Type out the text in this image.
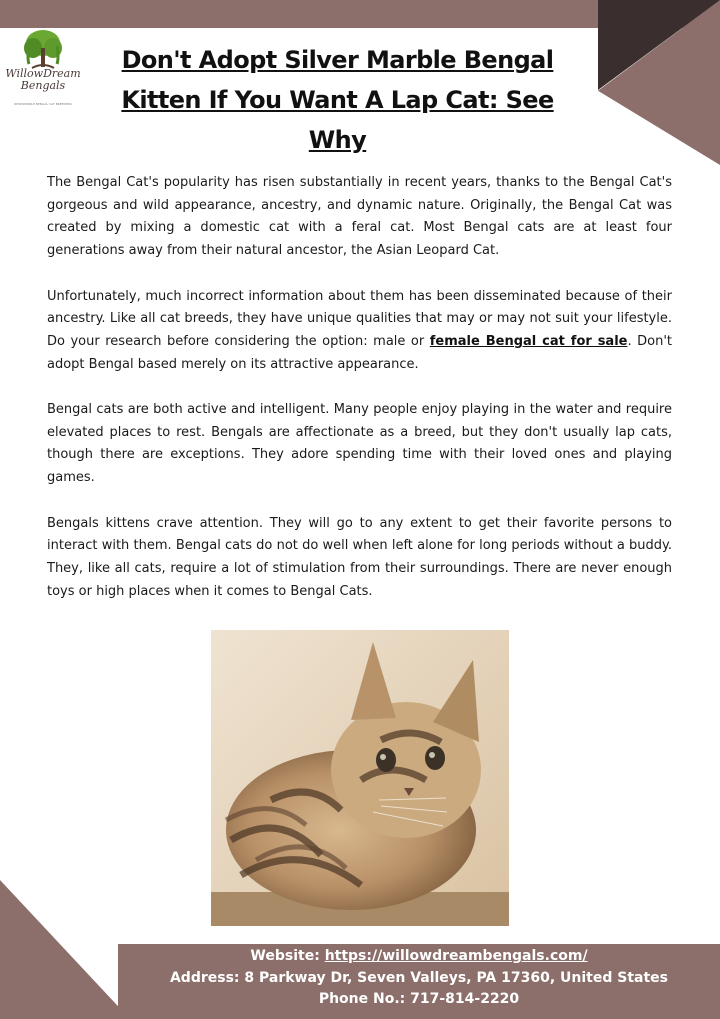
WillowDream
Bengals
RESPONSIBLE BENGAL CAT BREEDERS
Don't Adopt Silver Marble Bengal Kitten If You Want A Lap Cat: See Why

The Bengal Cat's popularity has risen substantially in recent years, thanks to the Bengal Cat's gorgeous and wild appearance, ancestry, and dynamic nature. Originally, the Bengal Cat was created by mixing a domestic cat with a feral cat. Most Bengal cats are at least four generations away from their natural ancestor, the Asian Leopard Cat.

Unfortunately, much incorrect information about them has been disseminated because of their ancestry. Like all cat breeds, they have unique qualities that may or may not suit your lifestyle. Do your research before considering the option: male or female Bengal cat for sale. Don't adopt Bengal based merely on its attractive appearance.

Bengal cats are both active and intelligent. Many people enjoy playing in the water and require elevated places to rest. Bengals are affectionate as a breed, but they don't usually lap cats, though there are exceptions. They adore spending time with their loved ones and playing games.

Bengals kittens crave attention. They will go to any extent to get their favorite persons to interact with them. Bengal cats do not do well when left alone for long periods without a buddy. They, like all cats, require a lot of stimulation from their surroundings. There are never enough toys or high places when it comes to Bengal Cats.

Website: https://willowdreambengals.com/
Address: 8 Parkway Dr, Seven Valleys, PA 17360, United States
Phone No.: 717-814-2220
